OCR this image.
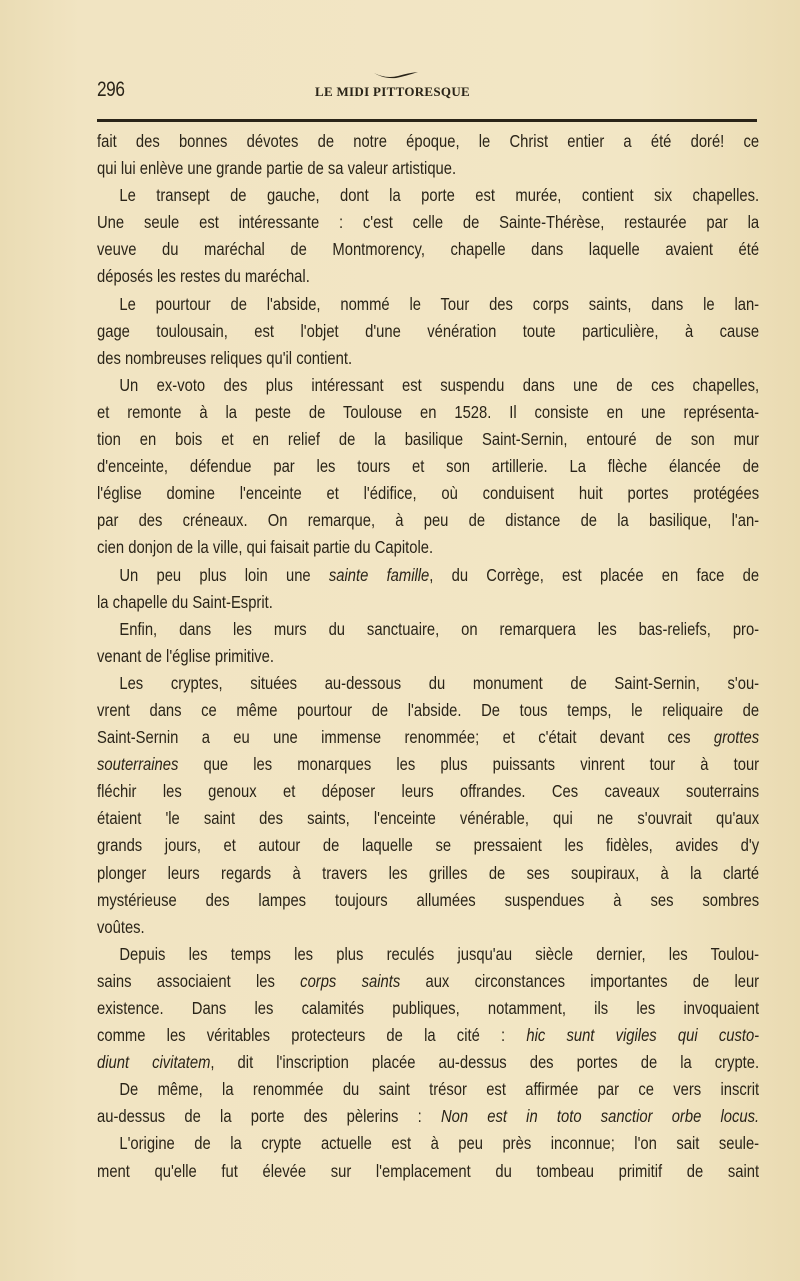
296	LE MIDI PITTORESQUE
fait des bonnes dévotes de notre époque, le Christ entier a été doré! ce
qui lui enlève une grande partie de sa valeur artistique.
Le transept de gauche, dont la porte est murée, contient six chapelles.
Une seule est intéressante : c'est celle de Sainte-Thérèse, restaurée par la
veuve du maréchal de Montmorency, chapelle dans laquelle avaient été
déposés les restes du maréchal.
Le pourtour de l'abside, nommé le Tour des corps saints, dans le lan-
gage toulousain, est l'objet d'une vénération toute particulière, à cause
des nombreuses reliques qu'il contient.
Un ex-voto des plus intéressant est suspendu dans une de ces chapelles,
et remonte à la peste de Toulouse en 1528. Il consiste en une représenta-
tion en bois et en relief de la basilique Saint-Sernin, entouré de son mur
d'enceinte, défendue par les tours et son artillerie. La flèche élancée de
l'église domine l'enceinte et l'édifice, où conduisent huit portes protégées
par des créneaux. On remarque, à peu de distance de la basilique, l'an-
cien donjon de la ville, qui faisait partie du Capitole.
Un peu plus loin une sainte famille, du Corrège, est placée en face de
la chapelle du Saint-Esprit.
Enfin, dans les murs du sanctuaire, on remarquera les bas-reliefs, pro-
venant de l'église primitive.
Les cryptes, situées au-dessous du monument de Saint-Sernin, s'ou-
vrent dans ce même pourtour de l'abside. De tous temps, le reliquaire de
Saint-Sernin a eu une immense renommée; et c'était devant ces grottes
souterraines que les monarques les plus puissants vinrent tour à tour
fléchir les genoux et déposer leurs offrandes. Ces caveaux souterrains
étaient 'le saint des saints, l'enceinte vénérable, qui ne s'ouvrait qu'aux
grands jours, et autour de laquelle se pressaient les fidèles, avides d'y
plonger leurs regards à travers les grilles de ses soupiraux, à la clarté
mystérieuse des lampes toujours allumées suspendues à ses sombres
voûtes.
Depuis les temps les plus reculés jusqu'au siècle dernier, les Toulou-
sains associaient les corps saints aux circonstances importantes de leur
existence. Dans les calamités publiques, notamment, ils les invoquaient
comme les véritables protecteurs de la cité : hic sunt vigiles qui custo-
diunt civitatem, dit l'inscription placée au-dessus des portes de la crypte.
De même, la renommée du saint trésor est affirmée par ce vers inscrit
au-dessus de la porte des pèlerins : Non est in toto sanctior orbe locus.
L'origine de la crypte actuelle est à peu près inconnue; l'on sait seule-
ment qu'elle fut élevée sur l'emplacement du tombeau primitif de saint
